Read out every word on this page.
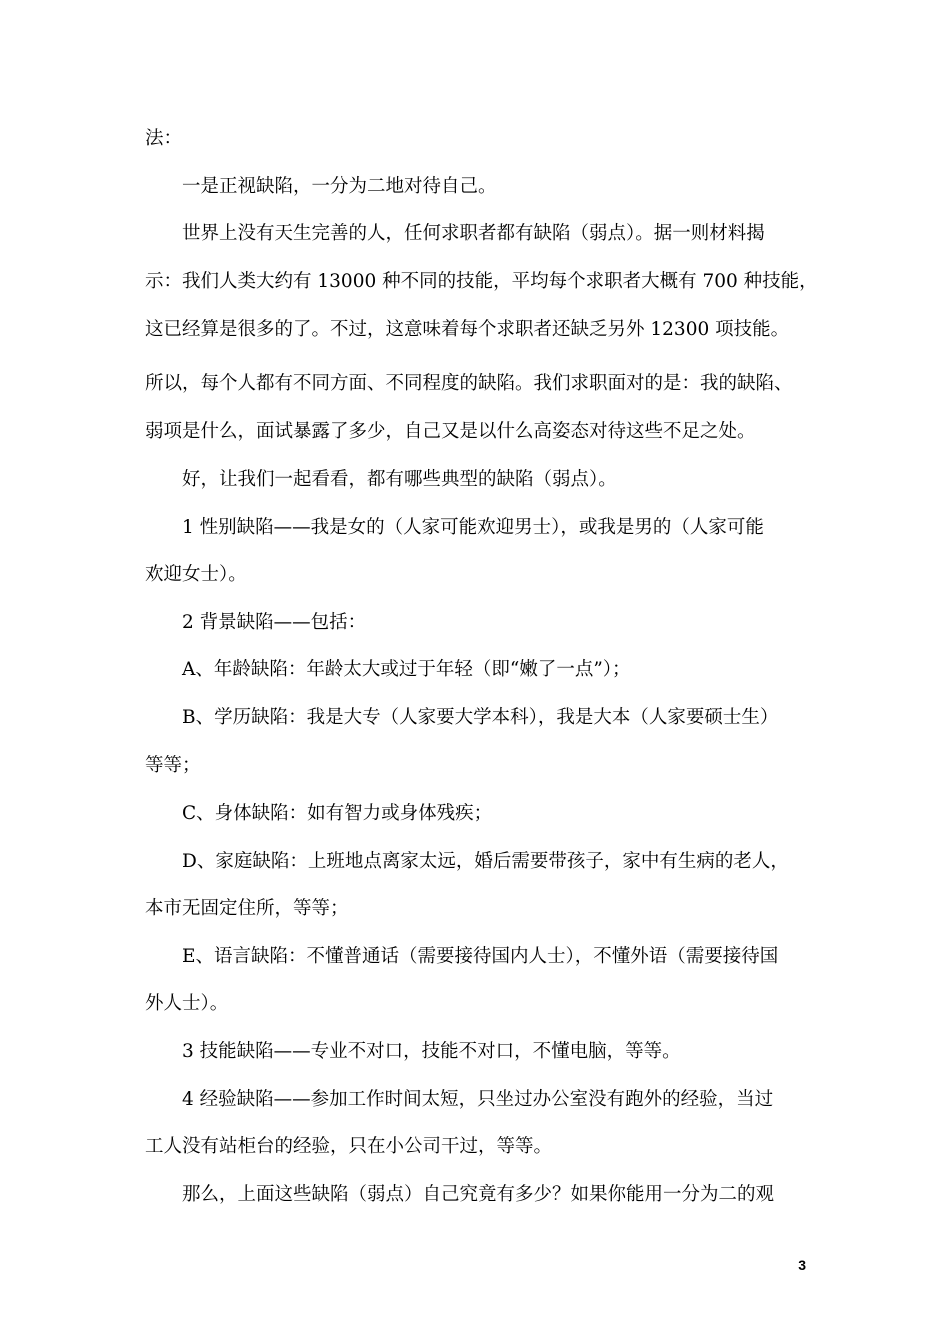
法：
一是正视缺陷，一分为二地对待自己。
世界上没有天生完善的人，任何求职者都有缺陷（弱点）。据一则材料揭
示：我们人类大约有 13000 种不同的技能，平均每个求职者大概有 700 种技能，
这已经算是很多的了。不过，这意味着每个求职者还缺乏另外 12300 项技能。
所以，每个人都有不同方面、不同程度的缺陷。我们求职面对的是：我的缺陷、
弱项是什么，面试暴露了多少，自己又是以什么高姿态对待这些不足之处。
好，让我们一起看看，都有哪些典型的缺陷（弱点）。
1 性别缺陷——我是女的（人家可能欢迎男士），或我是男的（人家可能
欢迎女士）。
2 背景缺陷——包括：
A、年龄缺陷：年龄太大或过于年轻（即“嫩了一点”）；
B、学历缺陷：我是大专（人家要大学本科），我是大本（人家要硕士生）
等等；
C、身体缺陷：如有智力或身体残疾；
D、家庭缺陷：上班地点离家太远，婚后需要带孩子，家中有生病的老人，
本市无固定住所，等等；
E、语言缺陷：不懂普通话（需要接待国内人士），不懂外语（需要接待国
外人士）。
3 技能缺陷——专业不对口，技能不对口，不懂电脑，等等。
4 经验缺陷——参加工作时间太短，只坐过办公室没有跑外的经验，当过
工人没有站柜台的经验，只在小公司干过，等等。
那么，上面这些缺陷（弱点）自己究竟有多少？如果你能用一分为二的观
3
